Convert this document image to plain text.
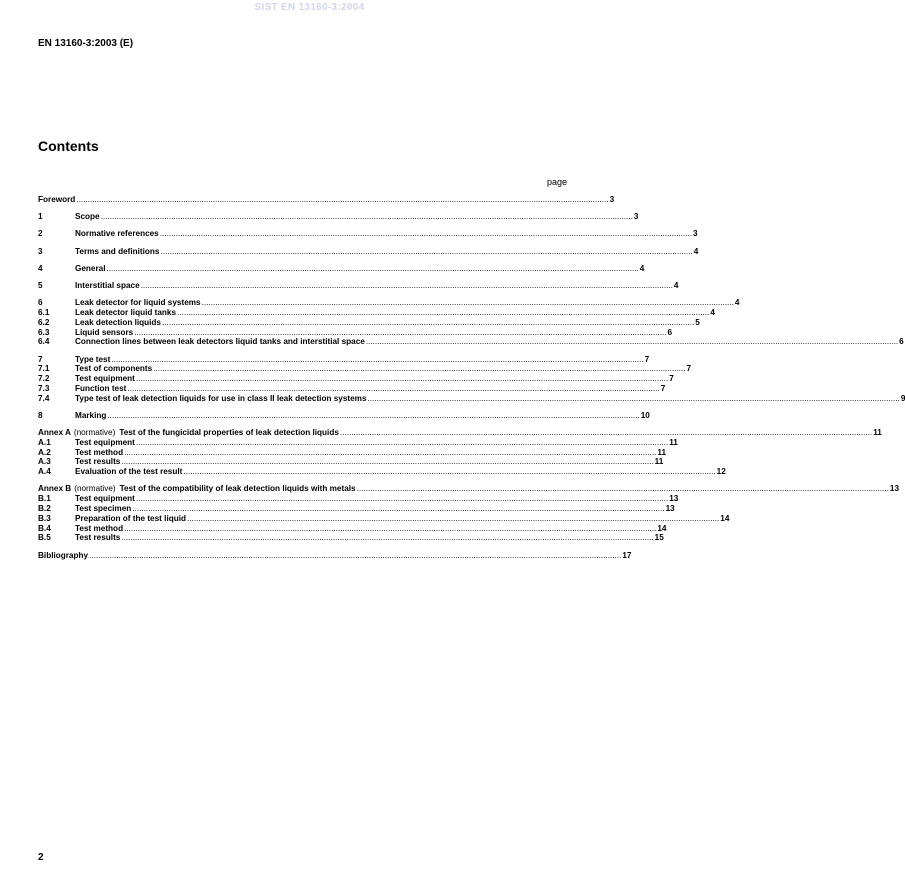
SIST EN 13160-3:2004
EN 13160-3:2003 (E)
Contents
page
Foreword .....	3
1	Scope .....	3
2	Normative references .....	3
3	Terms and definitions .....	4
4	General .....	4
5	Interstitial space .....	4
6	Leak detector for liquid systems .....	4
6.1	Leak detector liquid tanks .....	4
6.2	Leak detection liquids .....	5
6.3	Liquid sensors .....	6
6.4	Connection lines between leak detectors liquid tanks and interstitial space .....	6
7	Type test .....	7
7.1	Test of components .....	7
7.2	Test equipment .....	7
7.3	Function test .....	7
7.4	Type test of leak detection liquids for use in class II leak detection systems .....	9
8	Marking .....	10
Annex A (normative) Test of the fungicidal properties of leak detection liquids .....	11
A.1	Test equipment .....	11
A.2	Test method .....	11
A.3	Test results .....	11
A.4	Evaluation of the test result .....	12
Annex B (normative) Test of the compatibility of leak detection liquids with metals .....	13
B.1	Test equipment .....	13
B.2	Test specimen .....	13
B.3	Preparation of the test liquid .....	14
B.4	Test method .....	14
B.5	Test results .....	15
Bibliography .....	17
2
